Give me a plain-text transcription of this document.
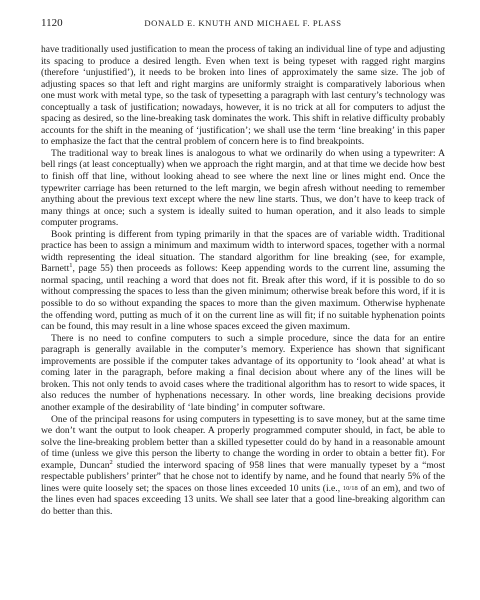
1120	DONALD E. KNUTH AND MICHAEL F. PLASS

have traditionally used justification to mean the process of taking an individual line of type and adjusting its spacing to produce a desired length. Even when text is being typeset with ragged right margins (therefore ‘unjustified’), it needs to be broken into lines of approximately the same size. The job of adjusting spaces so that left and right margins are uniformly straight is comparatively laborious when one must work with metal type, so the task of typesetting a paragraph with last century’s technology was conceptually a task of justification; nowadays, however, it is no trick at all for computers to adjust the spacing as desired, so the line-breaking task dominates the work. This shift in relative difficulty probably accounts for the shift in the meaning of ‘justification’; we shall use the term ‘line breaking’ in this paper to emphasize the fact that the central problem of concern here is to find breakpoints.

The traditional way to break lines is analogous to what we ordinarily do when using a typewriter: A bell rings (at least conceptually) when we approach the right margin, and at that time we decide how best to finish off that line, without looking ahead to see where the next line or lines might end. Once the typewriter carriage has been returned to the left margin, we begin afresh without needing to remember anything about the previous text except where the new line starts. Thus, we don’t have to keep track of many things at once; such a system is ideally suited to human operation, and it also leads to simple computer programs.

Book printing is different from typing primarily in that the spaces are of variable width. Traditional practice has been to assign a minimum and maximum width to interword spaces, together with a normal width representing the ideal situation. The standard algorithm for line breaking (see, for example, Barnett$^1$, page 55) then proceeds as follows: Keep appending words to the current line, assuming the normal spacing, until reaching a word that does not fit. Break after this word, if it is possible to do so without compressing the spaces to less than the given minimum; otherwise break before this word, if it is possible to do so without expanding the spaces to more than the given maximum. Otherwise hyphenate the offending word, putting as much of it on the current line as will fit; if no suitable hyphenation points can be found, this may result in a line whose spaces exceed the given maximum.

There is no need to confine computers to such a simple procedure, since the data for an entire paragraph is generally available in the computer’s memory. Experience has shown that significant improvements are possible if the computer takes advantage of its opportunity to ‘look ahead’ at what is coming later in the paragraph, before making a final decision about where any of the lines will be broken. This not only tends to avoid cases where the traditional algorithm has to resort to wide spaces, it also reduces the number of hyphenations necessary. In other words, line breaking decisions provide another example of the desirability of ‘late binding’ in computer software.

One of the principal reasons for using computers in typesetting is to save money, but at the same time we don’t want the output to look cheaper. A properly programmed computer should, in fact, be able to solve the line-breaking problem better than a skilled typesetter could do by hand in a reasonable amount of time (unless we give this person the liberty to change the wording in order to obtain a better fit). For example, Duncan$^2$ studied the interword spacing of 958 lines that were manually typeset by a “most respectable publishers’ printer” that he chose not to identify by name, and he found that nearly 5% of the lines were quite loosely set; the spaces on those lines exceeded 10 units (i.e., 10/18 of an em), and two of the lines even had spaces exceeding 13 units. We shall see later that a good line-breaking algorithm can do better than this.
